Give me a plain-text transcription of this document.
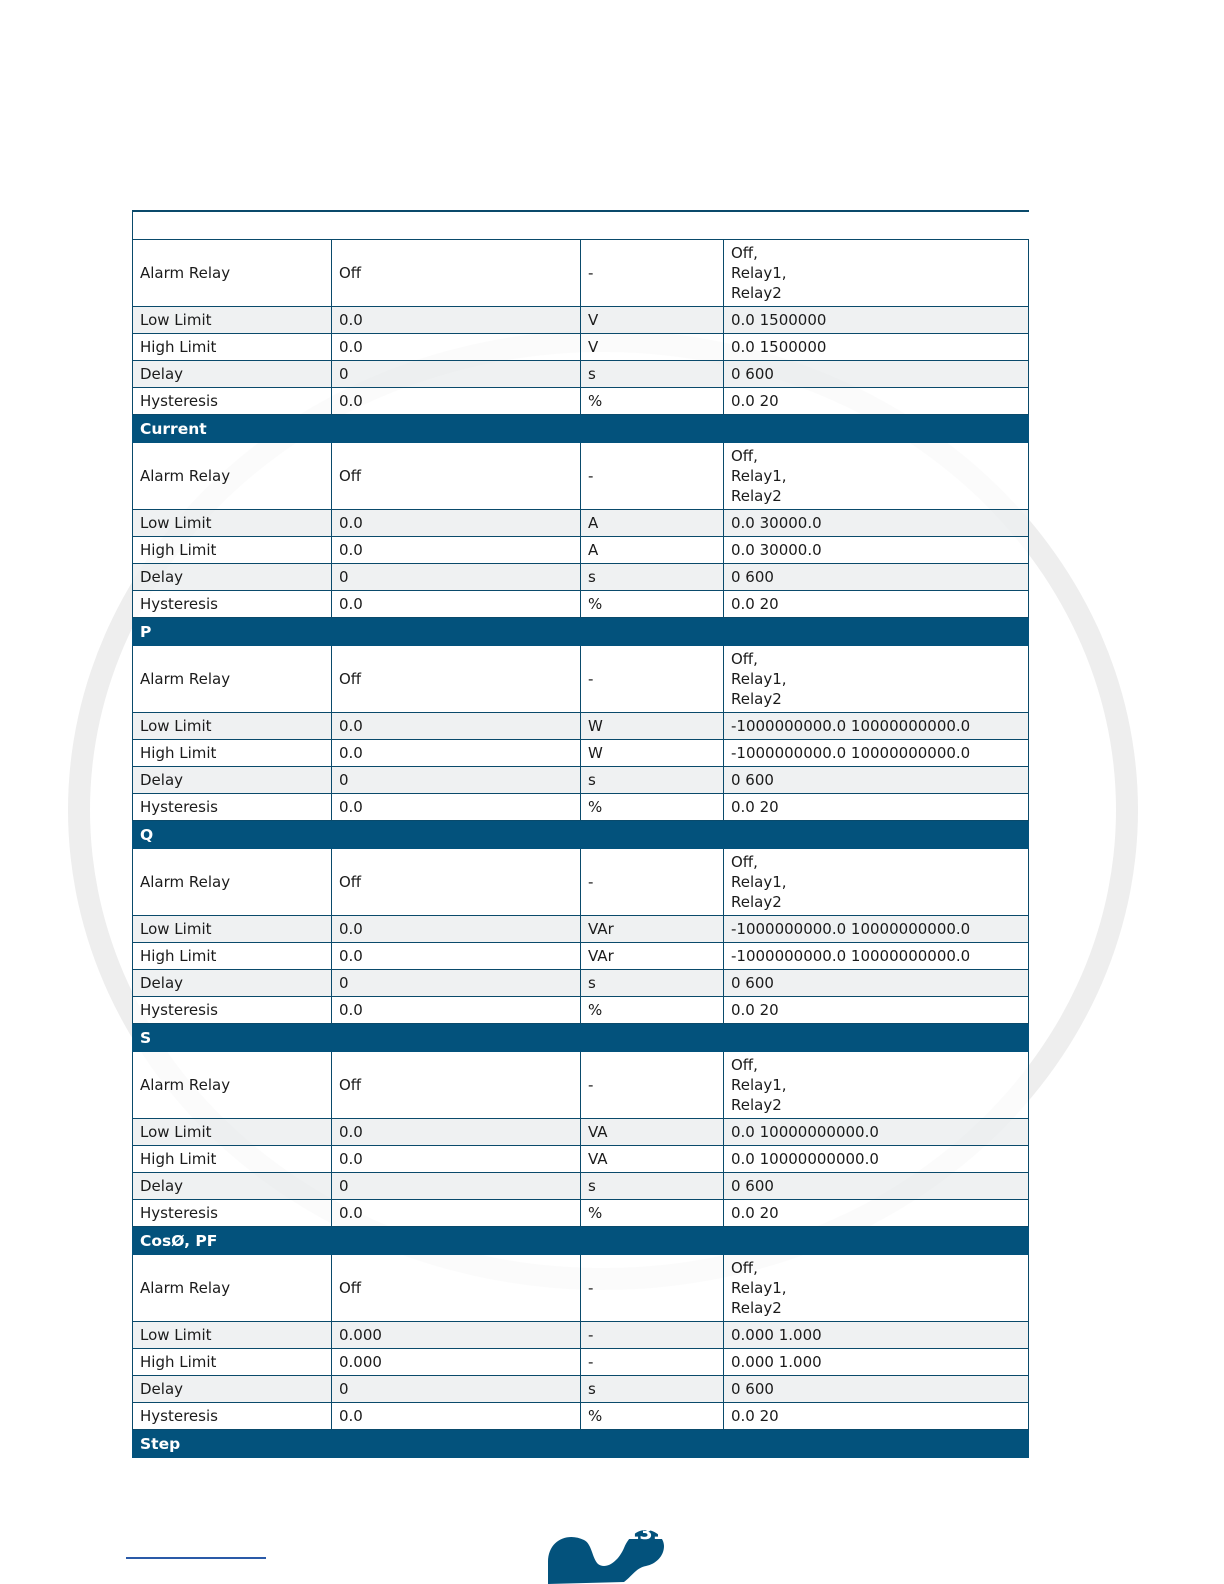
Alarm Relay	Off	-	Off,
Relay1,
Relay2

Low Limit	0.0	V	0.0 1500000

High Limit	0.0	V	0.0 1500000

Delay	0	s	0 600

Hysteresis	0.0	%	0.0 20

Current			
Alarm Relay	Off	-	Off,
Relay1,
Relay2

Low Limit	0.0	A	0.0 30000.0

High Limit	0.0	A	0.0 30000.0

Delay	0	s	0 600

Hysteresis	0.0	%	0.0 20

P			
Alarm Relay	Off	-	Off,
Relay1,
Relay2

Low Limit	0.0	W	-1000000000.0 10000000000.0

High Limit	0.0	W	-1000000000.0 10000000000.0

Delay	0	s	0 600

Hysteresis	0.0	%	0.0 20

Q			
Alarm Relay	Off	-	Off,
Relay1,
Relay2

Low Limit	0.0	VAr	-1000000000.0 10000000000.0

High Limit	0.0	VAr	-1000000000.0 10000000000.0

Delay	0	s	0 600

Hysteresis	0.0	%	0.0 20

S			
Alarm Relay	Off	-	Off,
Relay1,
Relay2

Low Limit	0.0	VA	0.0 10000000000.0

High Limit	0.0	VA	0.0 10000000000.0

Delay	0	s	0 600

Hysteresis	0.0	%	0.0 20

CosØ, PF			
Alarm Relay	Off	-	Off,
Relay1,
Relay2

Low Limit	0.000	-	0.000 1.000

High Limit	0.000	-	0.000 1.000

Delay	0	s	0 600

Hysteresis	0.0	%	0.0 20

Step			
131
